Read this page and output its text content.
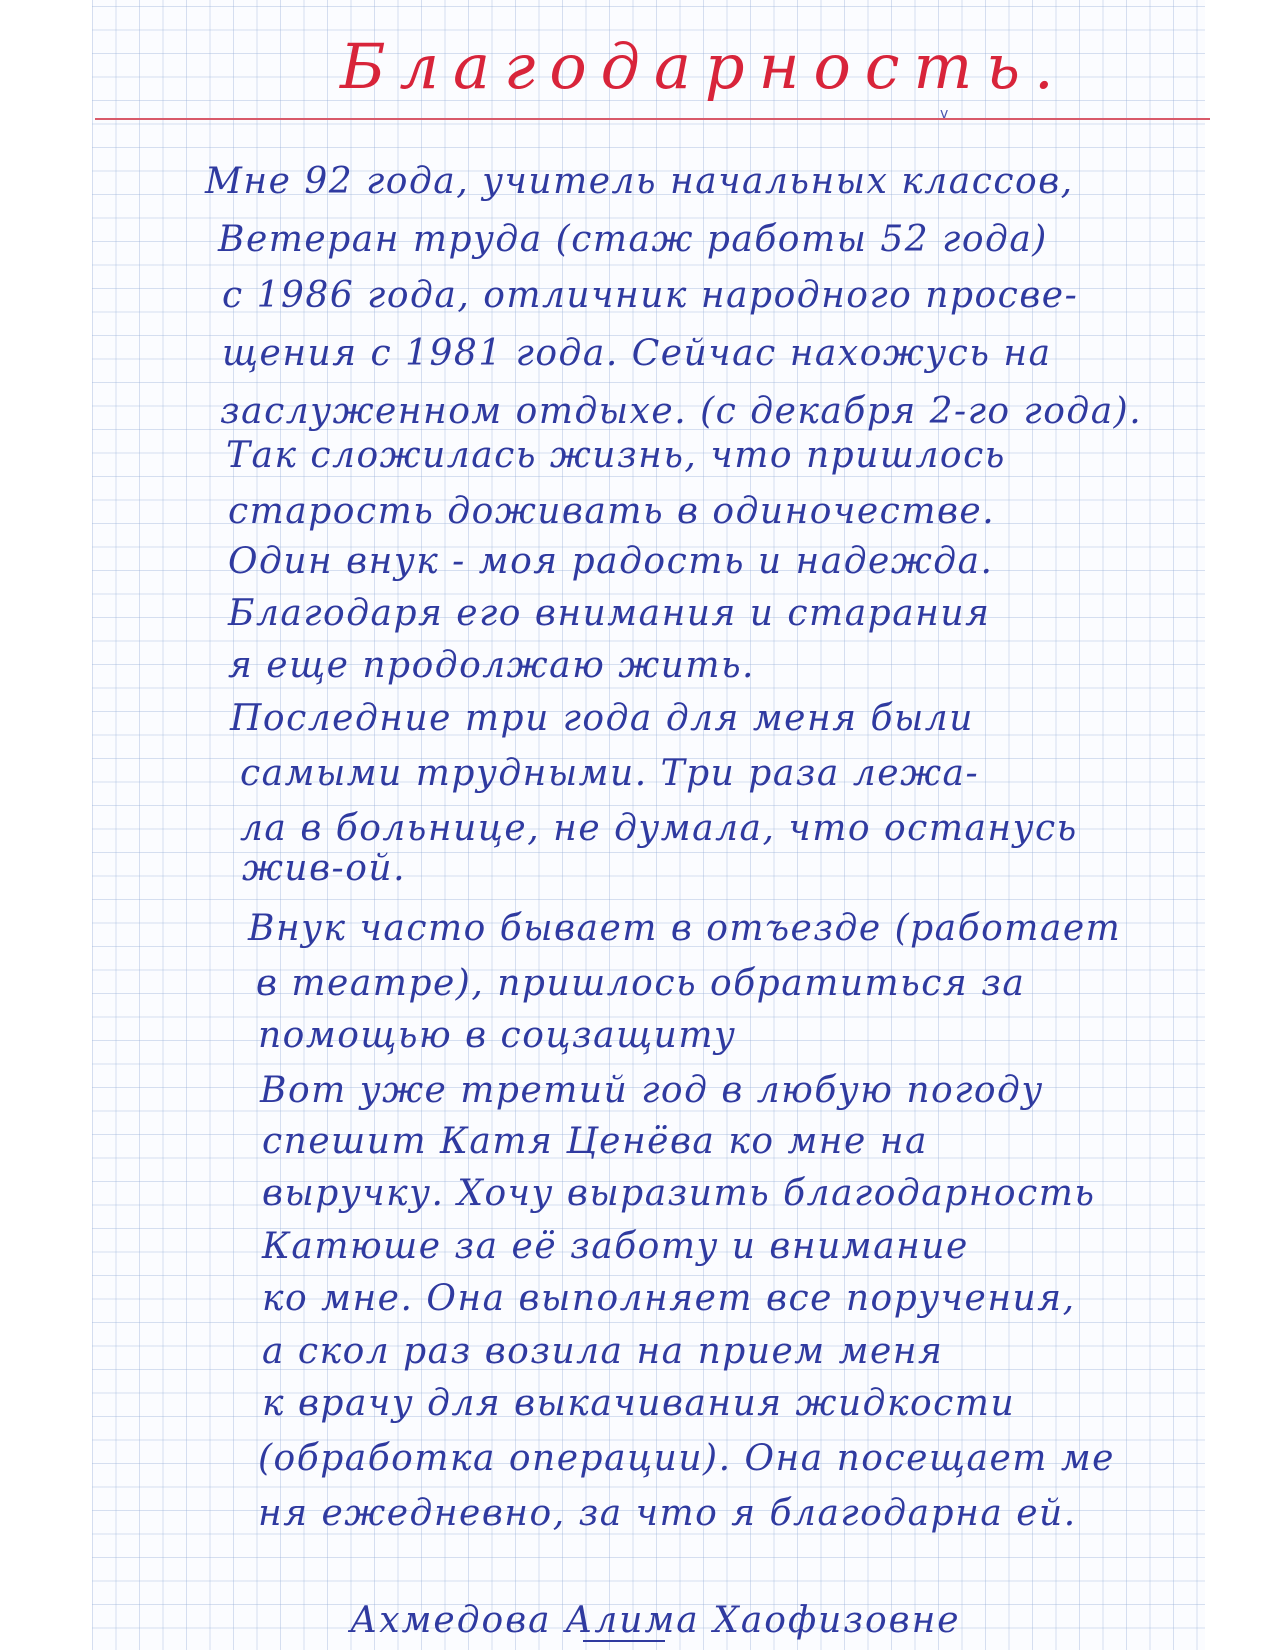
Благодарность.
v

Мне 92 года, учитель начальных классов,

Ветеран труда (стаж работы 52 года)

с 1986 года, отличник народного просве-

щения с 1981 года. Сейчас нахожусь на

заслуженном отдыхе. (с декабря 2-го года).

Так сложилась жизнь, что пришлось

старость доживать в одиночестве.

Один внук - моя радость и надежда.

Благодаря его внимания и старания

я еще продолжаю жить.

Последние три года для меня были

самыми трудными. Три раза лежа-

ла в больнице, не думала, что останусь

жив-ой.

Внук часто бывает в отъезде (работает

в театре), пришлось обратиться за

помощью в соцзащиту

Вот уже третий год в любую погоду

спешит Катя Ценёва ко мне на

выручку. Хочу выразить благодарность

Катюше за её заботу и внимание

ко мне. Она выполняет все поручения,

а скол раз возила на прием меня

к врачу для выкачивания жидкости

(обработка операции). Она посещает ме

ня ежедневно, за что я благодарна ей.

Ахмедова Алима Хаофизовне
